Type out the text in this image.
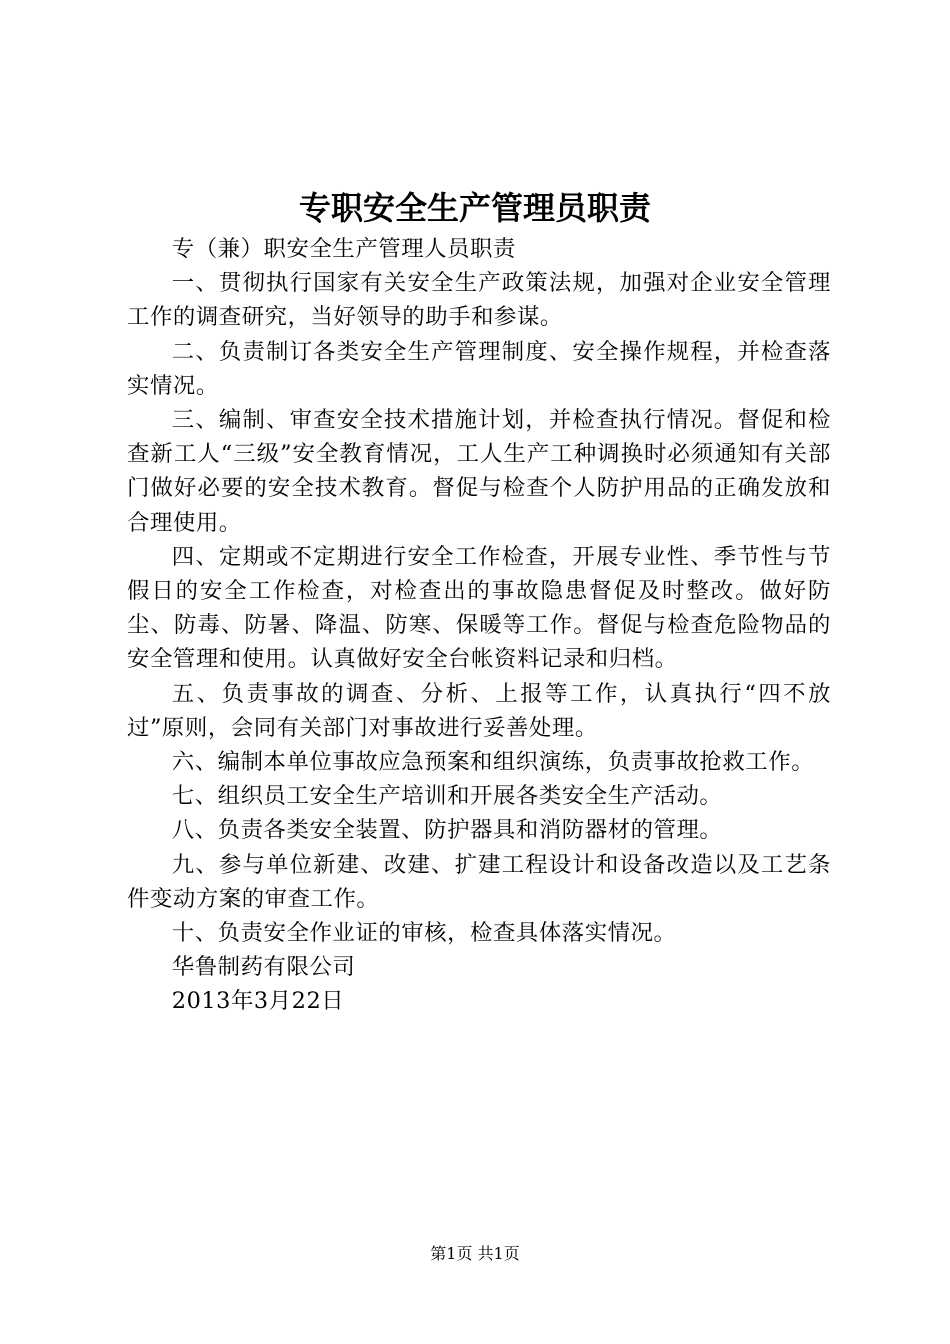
专职安全生产管理员职责

专（兼）职安全生产管理人员职责

一、贯彻执行国家有关安全生产政策法规，加强对企业安全管理工作的调查研究，当好领导的助手和参谋。

二、负责制订各类安全生产管理制度、安全操作规程，并检查落实情况。

三、编制、审查安全技术措施计划，并检查执行情况。督促和检查新工人“三级”安全教育情况，工人生产工种调换时必须通知有关部门做好必要的安全技术教育。督促与检查个人防护用品的正确发放和合理使用。

四、定期或不定期进行安全工作检查，开展专业性、季节性与节假日的安全工作检查，对检查出的事故隐患督促及时整改。做好防尘、防毒、防暑、降温、防寒、保暖等工作。督促与检查危险物品的安全管理和使用。认真做好安全台帐资料记录和归档。

五、负责事故的调查、分析、上报等工作，认真执行“四不放过”原则，会同有关部门对事故进行妥善处理。

六、编制本单位事故应急预案和组织演练，负责事故抢救工作。

七、组织员工安全生产培训和开展各类安全生产活动。

八、负责各类安全装置、防护器具和消防器材的管理。

九、参与单位新建、改建、扩建工程设计和设备改造以及工艺条件变动方案的审查工作。

十、负责安全作业证的审核，检查具体落实情况。

华鲁制药有限公司

2013年3月22日

第1页 共1页
